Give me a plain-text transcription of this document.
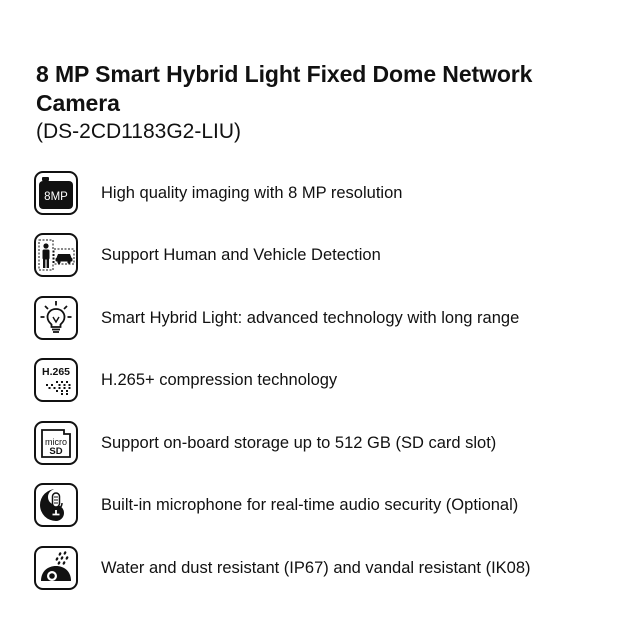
8 MP Smart Hybrid Light Fixed Dome Network Camera
(DS-2CD1183G2-LIU)
8MP High quality imaging with 8 MP resolution
Support Human and Vehicle Detection
Smart Hybrid Light: advanced technology with long range
H.265 H.265+ compression technology
micro
SD Support on-board storage up to 512 GB (SD card slot)
Built-in microphone for real-time audio security (Optional)
Water and dust resistant (IP67) and vandal resistant (IK08)
